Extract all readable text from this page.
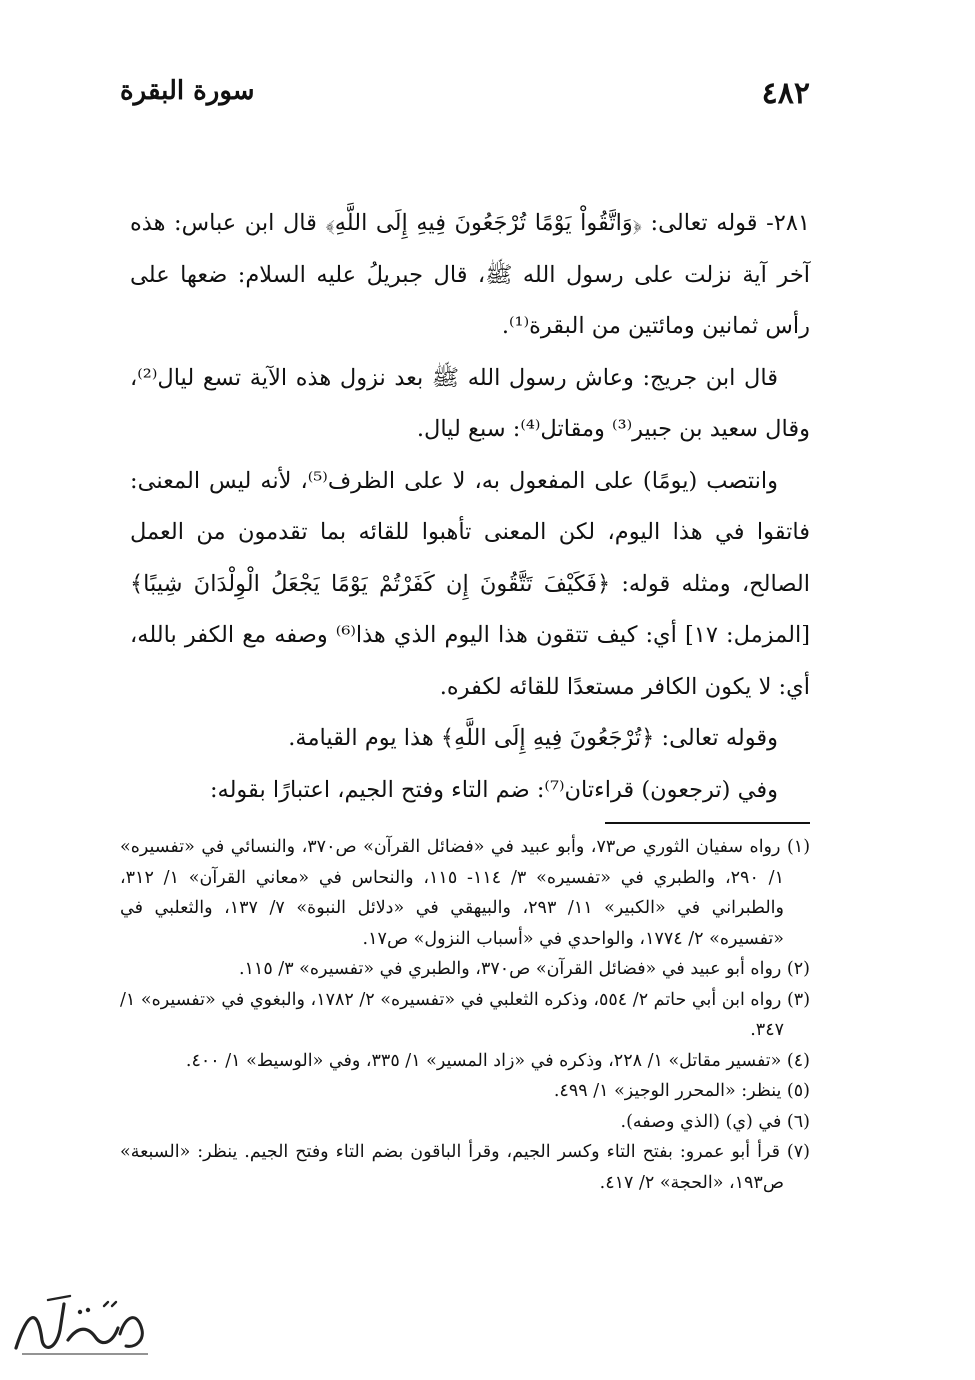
٤٨٢
سورة البقرة

٢٨١- قوله تعالى: ﴿وَاتَّقُواْ يَوْمًا تُرْجَعُونَ فِيهِ إِلَى اللَّهِ﴾ قال ابن عباس: هذه آخر آية نزلت على رسول الله ﷺ، قال جبريلُ عليه السلام: ضعها على رأس ثمانين ومائتين من البقرة⁽¹⁾.

قال ابن جريج: وعاش رسول الله ﷺ بعد نزول هذه الآية تسع ليال⁽²⁾، وقال سعيد بن جبير⁽³⁾ ومقاتل⁽⁴⁾: سبع ليال.

وانتصب (يومًا) على المفعول به، لا على الظرف⁽⁵⁾، لأنه ليس المعنى: فاتقوا في هذا اليوم، لكن المعنى تأهبوا للقائه بما تقدمون من العمل الصالح، ومثله قوله: ﴿فَكَيْفَ تَتَّقُونَ إِن كَفَرْتُمْ يَوْمًا يَجْعَلُ الْوِلْدَانَ شِيبًا﴾ [المزمل: ١٧] أي: كيف تتقون هذا اليوم الذي هذا⁽⁶⁾ وصفه مع الكفر بالله، أي: لا يكون الكافر مستعدًا للقائه لكفره.

وقوله تعالى: ﴿تُرْجَعُونَ فِيهِ إِلَى اللَّهِ﴾ هذا يوم القيامة.

وفي (ترجعون) قراءتان⁽⁷⁾: ضم التاء وفتح الجيم، اعتبارًا بقوله:

(١) رواه سفيان الثوري ص٧٣، وأبو عبيد في «فضائل القرآن» ص٣٧٠، والنسائي في «تفسيره» ١/ ٢٩٠، والطبري في «تفسيره» ٣/ ١١٤- ١١٥، والنحاس في «معاني القرآن» ١/ ٣١٢، والطبراني في «الكبير» ١١/ ٢٩٣، والبيهقي في «دلائل النبوة» ٧/ ١٣٧، والثعلبي في «تفسيره» ٢/ ١٧٧٤، والواحدي في «أسباب النزول» ص١٧.

(٢) رواه أبو عبيد في «فضائل القرآن» ص٣٧٠، والطبري في «تفسيره» ٣/ ١١٥.

(٣) رواه ابن أبي حاتم ٢/ ٥٥٤، وذكره الثعلبي في «تفسيره» ٢/ ١٧٨٢، والبغوي في «تفسيره» ١/ ٣٤٧.

(٤) «تفسير مقاتل» ١/ ٢٢٨، وذكره في «زاد المسير» ١/ ٣٣٥، وفي «الوسيط» ١/ ٤٠٠.

(٥) ينظر: «المحرر الوجيز» ١/ ٤٩٩.

(٦) في (ي) (الذي وصفه).

(٧) قرأ أبو عمرو: بفتح التاء وكسر الجيم، وقرأ الباقون بضم التاء وفتح الجيم. ينظر: «السبعة» ص١٩٣، «الحجة» ٢/ ٤١٧.
